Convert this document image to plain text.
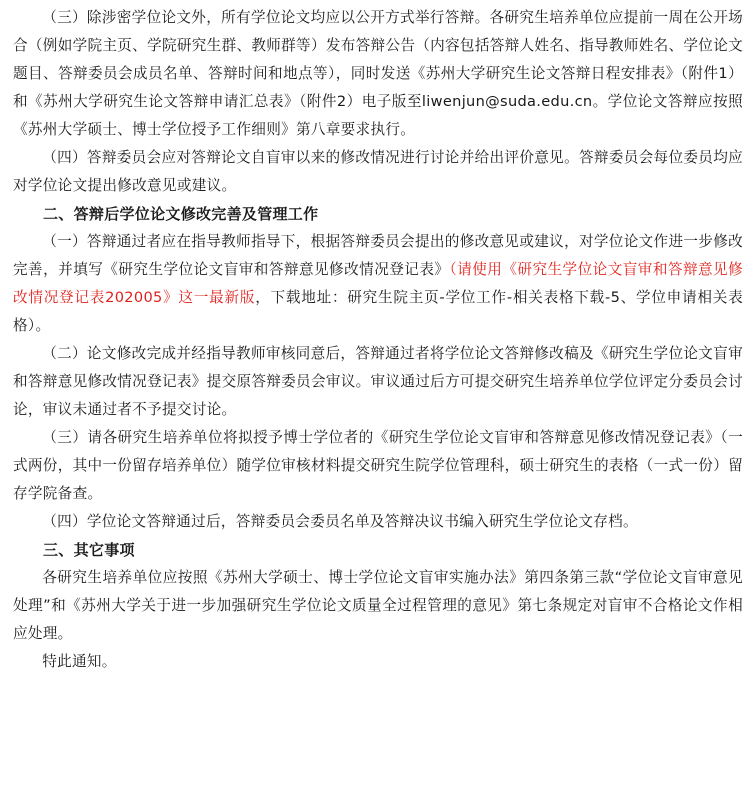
（三）除涉密学位论文外，所有学位论文均应以公开方式举行答辩。各研究生培养单位应提前一周在公开场合（例如学院主页、学院研究生群、教师群等）发布答辩公告（内容包括答辩人姓名、指导教师姓名、学位论文题目、答辩委员会成员名单、答辩时间和地点等），同时发送《苏州大学研究生论文答辩日程安排表》（附件1）和《苏州大学研究生论文答辩申请汇总表》（附件2）电子版至liwenjun@suda.edu.cn。学位论文答辩应按照《苏州大学硕士、博士学位授予工作细则》第八章要求执行。

（四）答辩委员会应对答辩论文自盲审以来的修改情况进行讨论并给出评价意见。答辩委员会每位委员均应对学位论文提出修改意见或建议。

二、答辩后学位论文修改完善及管理工作

（一）答辩通过者应在指导教师指导下，根据答辩委员会提出的修改意见或建议，对学位论文作进一步修改完善，并填写《研究生学位论文盲审和答辩意见修改情况登记表》（请使用《研究生学位论文盲审和答辩意见修改情况登记表202005》这一最新版，下载地址：研究生院主页-学位工作-相关表格下载-5、学位申请相关表格）。

（二）论文修改完成并经指导教师审核同意后，答辩通过者将学位论文答辩修改稿及《研究生学位论文盲审和答辩意见修改情况登记表》提交原答辩委员会审议。审议通过后方可提交研究生培养单位学位评定分委员会讨论，审议未通过者不予提交讨论。

（三）请各研究生培养单位将拟授予博士学位者的《研究生学位论文盲审和答辩意见修改情况登记表》（一式两份，其中一份留存培养单位）随学位审核材料提交研究生院学位管理科，硕士研究生的表格（一式一份）留存学院备查。

（四）学位论文答辩通过后，答辩委员会委员名单及答辩决议书编入研究生学位论文存档。

三、其它事项

各研究生培养单位应按照《苏州大学硕士、博士学位论文盲审实施办法》第四条第三款“学位论文盲审意见处理”和《苏州大学关于进一步加强研究生学位论文质量全过程管理的意见》第七条规定对盲审不合格论文作相应处理。

特此通知。
